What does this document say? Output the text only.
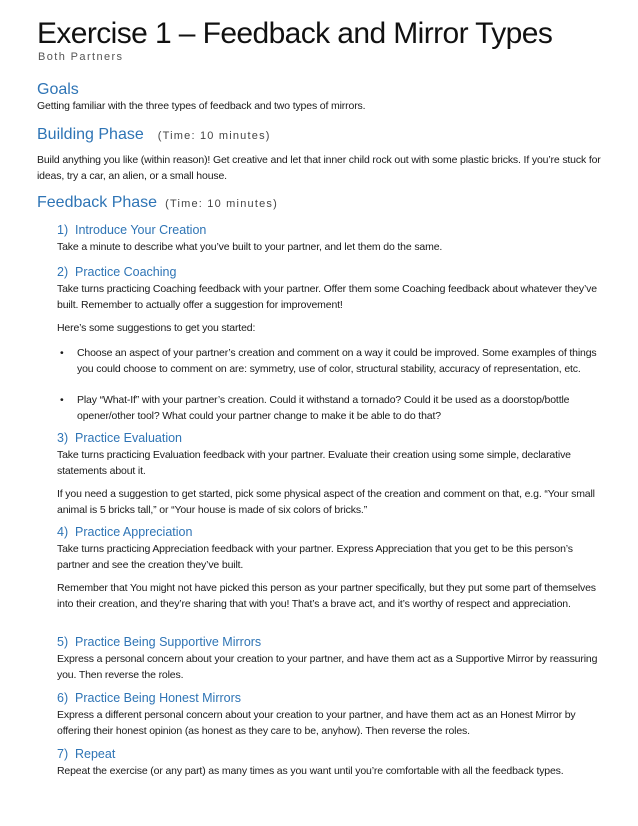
Exercise 1 – Feedback and Mirror Types
Both Partners
Goals
Getting familiar with the three types of feedback and two types of mirrors.
Building Phase (Time: 10 minutes)
Build anything you like (within reason)! Get creative and let that inner child rock out with some plastic bricks. If you’re stuck for ideas, try a car, an alien, or a small house.
Feedback Phase (Time: 10 minutes)
1) Introduce Your Creation
Take a minute to describe what you’ve built to your partner, and let them do the same.
2) Practice Coaching
Take turns practicing Coaching feedback with your partner. Offer them some Coaching feedback about whatever they’ve built. Remember to actually offer a suggestion for improvement!
Here’s some suggestions to get you started:
• Choose an aspect of your partner’s creation and comment on a way it could be improved. Some examples of things you could choose to comment on are: symmetry, use of color, structural stability, accuracy of representation, etc.
• Play “What-If” with your partner’s creation. Could it withstand a tornado? Could it be used as a doorstop/bottle opener/other tool? What could your partner change to make it be able to do that?
3) Practice Evaluation
Take turns practicing Evaluation feedback with your partner. Evaluate their creation using some simple, declarative statements about it.
If you need a suggestion to get started, pick some physical aspect of the creation and comment on that, e.g. “Your small animal is 5 bricks tall,” or “Your house is made of six colors of bricks.”
4) Practice Appreciation
Take turns practicing Appreciation feedback with your partner. Express Appreciation that you get to be this person’s partner and see the creation they’ve built.
Remember that You might not have picked this person as your partner specifically, but they put some part of themselves into their creation, and they’re sharing that with you! That’s a brave act, and it’s worthy of respect and appreciation.
5) Practice Being Supportive Mirrors
Express a personal concern about your creation to your partner, and have them act as a Supportive Mirror by reassuring you. Then reverse the roles.
6) Practice Being Honest Mirrors
Express a different personal concern about your creation to your partner, and have them act as an Honest Mirror by offering their honest opinion (as honest as they care to be, anyhow). Then reverse the roles.
7) Repeat
Repeat the exercise (or any part) as many times as you want until you’re comfortable with all the feedback types.
